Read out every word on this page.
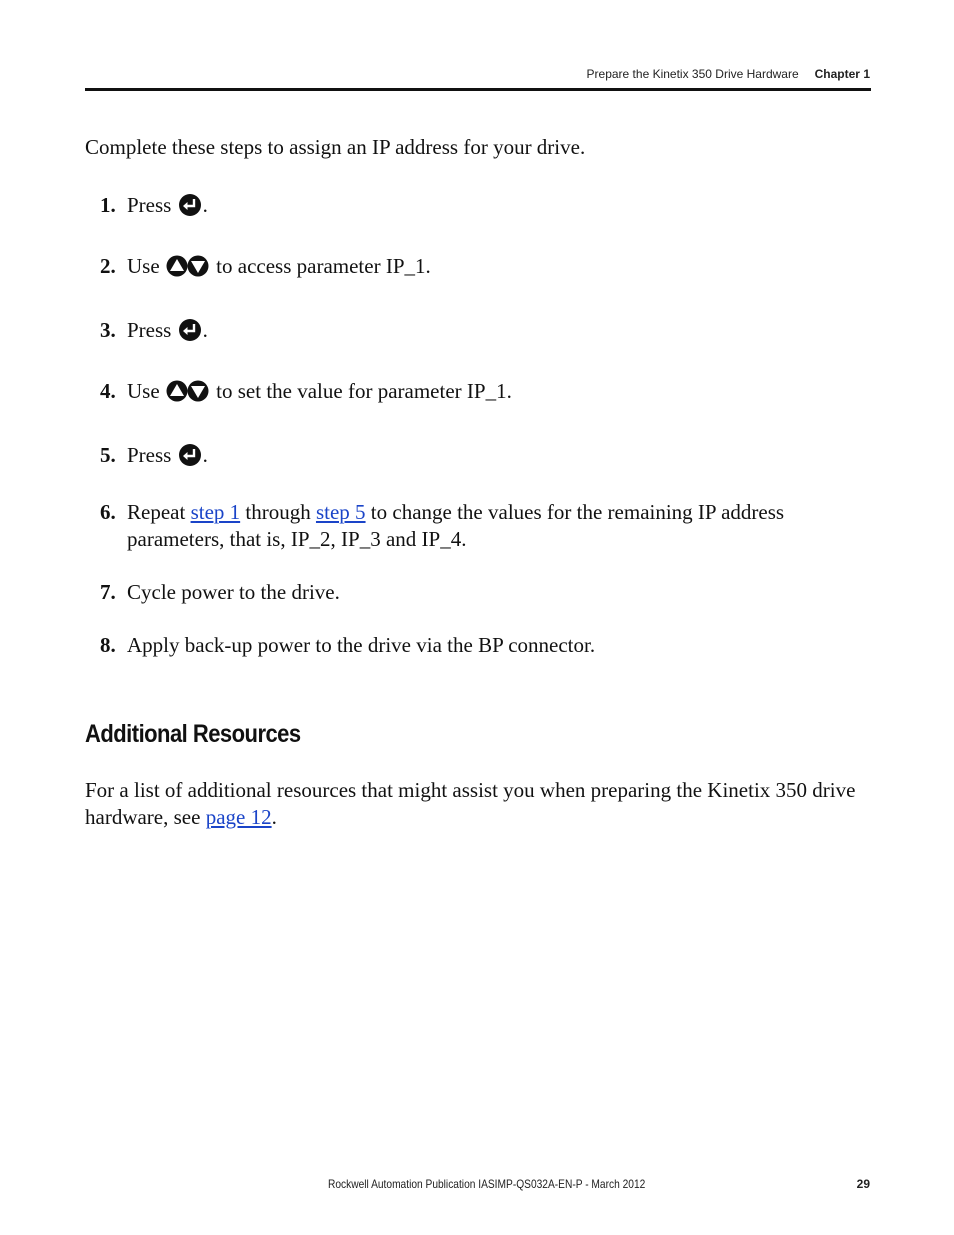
Prepare the Kinetix 350 Drive Hardware Chapter 1
Complete these steps to assign an IP address for your drive.
1. Press .
2. Use	to access parameter IP_1.
3. Press .
4. Use	to set the value for parameter IP_1.
5. Press .
6. Repeat step 1 through step 5 to change the values for the remaining IP address parameters, that is, IP_2, IP_3 and IP_4.
7. Cycle power to the drive.
8. Apply back-up power to the drive via the BP connector.
Additional Resources
For a list of additional resources that might assist you when preparing the Kinetix 350 drive hardware, see page 12.
Rockwell Automation Publication IASIMP-QS032A-EN-P - March 2012	29
